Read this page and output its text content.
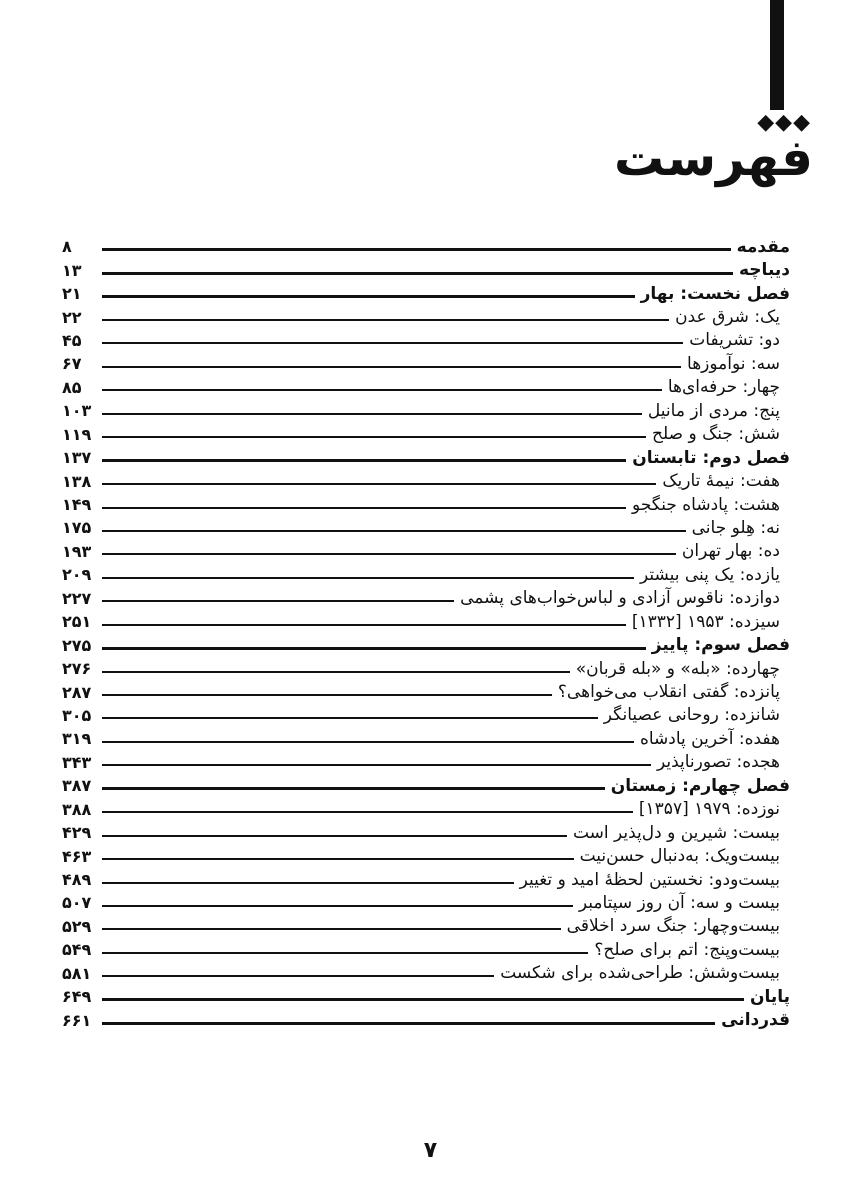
◆◆◆
فهرست
مقدمه
۸
دیباچه
۱۳
فصل نخست: بهار
۲۱
یک: شرق عدن
۲۲
دو: تشریفات
۴۵
سه: نوآموزها
۶۷
چهار: حرفه‌ای‌ها
۸۵
پنج: مردی از مانیل
۱۰۳
شش: جنگ و صلح
۱۱۹
فصل دوم: تابستان
۱۳۷
هفت: نیمهٔ تاریک
۱۳۸
هشت: پادشاه جنگجو
۱۴۹
نه: هِلو جانی
۱۷۵
ده: بهار تهران
۱۹۳
یازده: یک پنی بیشتر
۲۰۹
دوازده: ناقوس آزادی و لباس‌خواب‌های پشمی
۲۲۷
سیزده: ۱۹۵۳ [۱۳۳۲]
۲۵۱
فصل سوم: پاییز
۲۷۵
چهارده: «بله» و «بله قربان»
۲۷۶
پانزده: گفتی انقلاب می‌خواهی؟
۲۸۷
شانزده: روحانی عصیانگر
۳۰۵
هفده: آخرین پادشاه
۳۱۹
هجده: تصورناپذیر
۳۴۳
فصل چهارم: زمستان
۳۸۷
نوزده: ۱۹۷۹ [۱۳۵۷]
۳۸۸
بیست: شیرین و دل‌پذیر است
۴۲۹
بیست‌ویک: به‌دنبال حسن‌نیت
۴۶۳
بیست‌ودو: نخستین لحظهٔ امید و تغییر
۴۸۹
بیست و سه: آن روز سپتامبر
۵۰۷
بیست‌وچهار: جنگ سرد اخلاقی
۵۲۹
بیست‌وپنج: اتم برای صلح؟
۵۴۹
بیست‌وشش: طراحی‌شده برای شکست
۵۸۱
پایان
۶۴۹
قدردانی
۶۶۱
۷
